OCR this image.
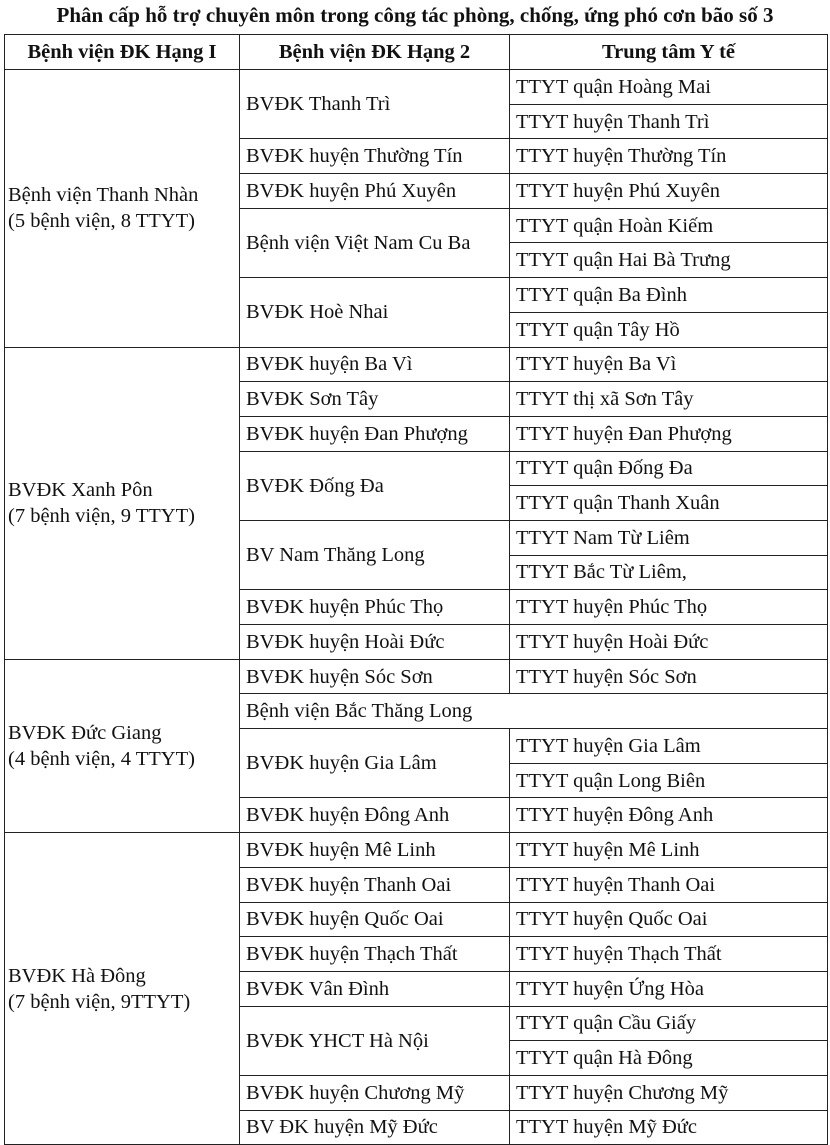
Phân cấp hỗ trợ chuyên môn trong công tác phòng, chống, ứng phó cơn bão số 3
Bệnh viện ĐK Hạng I	Bệnh viện ĐK Hạng 2	Trung tâm Y tế

Bệnh viện Thanh Nhàn
(5 bệnh viện, 8 TTYT)	BVĐK Thanh Trì	TTYT quận Hoàng Mai
		TTYT huyện Thanh Trì
	BVĐK huyện Thường Tín	TTYT huyện Thường Tín
	BVĐK huyện Phú Xuyên	TTYT huyện Phú Xuyên
	Bệnh viện Việt Nam Cu Ba	TTYT quận Hoàn Kiếm
		TTYT quận Hai Bà Trưng
	BVĐK Hoè Nhai	TTYT quận Ba Đình
		TTYT quận Tây Hồ

BVĐK Xanh Pôn
(7 bệnh viện, 9 TTYT)	BVĐK huyện Ba Vì	TTYT huyện Ba Vì
	BVĐK Sơn Tây	TTYT thị xã Sơn Tây
	BVĐK huyện Đan Phượng	TTYT huyện Đan Phượng
	BVĐK Đống Đa	TTYT quận Đống Đa
		TTYT quận Thanh Xuân
	BV Nam Thăng Long	TTYT Nam Từ Liêm
		TTYT Bắc Từ Liêm,
	BVĐK huyện Phúc Thọ	TTYT huyện Phúc Thọ
	BVĐK huyện Hoài Đức	TTYT huyện Hoài Đức

BVĐK Đức Giang
(4 bệnh viện, 4 TTYT)	BVĐK huyện Sóc Sơn	TTYT huyện Sóc Sơn
	Bệnh viện Bắc Thăng Long	
	BVĐK huyện Gia Lâm	TTYT huyện Gia Lâm
		TTYT quận Long Biên
	BVĐK huyện Đông Anh	TTYT huyện Đông Anh

BVĐK Hà Đông
(7 bệnh viện, 9TTYT)	BVĐK huyện Mê Linh	TTYT huyện Mê Linh
	BVĐK huyện Thanh Oai	TTYT huyện Thanh Oai
	BVĐK huyện Quốc Oai	TTYT huyện Quốc Oai
	BVĐK huyện Thạch Thất	TTYT huyện Thạch Thất
	BVĐK Vân Đình	TTYT huyện Ứng Hòa
	BVĐK YHCT Hà Nội	TTYT quận Cầu Giấy
		TTYT quận Hà Đông
	BVĐK huyện Chương Mỹ	TTYT huyện Chương Mỹ
	BV ĐK huyện Mỹ Đức	TTYT huyện Mỹ Đức
